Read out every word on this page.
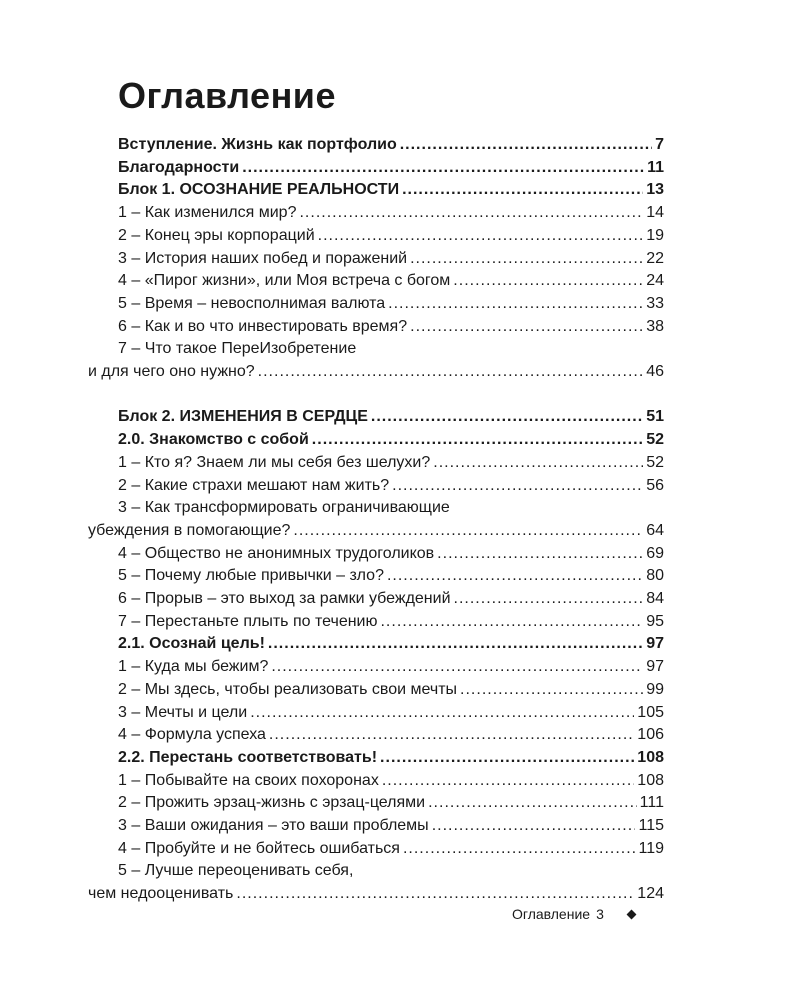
Оглавление
Вступление. Жизнь как портфолио .....	7
Благодарности .....	11
Блок 1. ОСОЗНАНИЕ РЕАЛЬНОСТИ .....	13
1 – Как изменился мир? .....	14
2 – Конец эры корпораций .....	19
3 – История наших побед и поражений .....	22
4 – «Пирог жизни», или Моя встреча с богом .....	24
5 – Время – невосполнимая валюта .....	33
6 – Как и во что инвестировать время? .....	38
7 – Что такое ПереИзобретение
и для чего оно нужно? .....	46
Блок 2. ИЗМЕНЕНИЯ В СЕРДЦЕ .....	51
2.0. Знакомство с собой .....	52
1 – Кто я? Знаем ли мы себя без шелухи? .....	52
2 – Какие страхи мешают нам жить? .....	56
3 – Как трансформировать ограничивающие
убеждения в помогающие? .....	64
4 – Общество не анонимных трудоголиков .....	69
5 – Почему любые привычки – зло? .....	80
6 – Прорыв – это выход за рамки убеждений .....	84
7 – Перестаньте плыть по течению .....	95
2.1. Осознай цель! .....	97
1 – Куда мы бежим? .....	97
2 – Мы здесь, чтобы реализовать свои мечты .....	99
3 – Мечты и цели .....	105
4 – Формула успеха .....	106
2.2. Перестань соответствовать! .....	108
1 – Побывайте на своих похоронах .....	108
2 – Прожить эрзац-жизнь с эрзац-целями .....	111
3 – Ваши ожидания – это ваши проблемы .....	115
4 – Пробуйте и не бойтесь ошибаться .....	119
5 – Лучше переоценивать себя,
чем недооценивать .....	124
Оглавление 3
